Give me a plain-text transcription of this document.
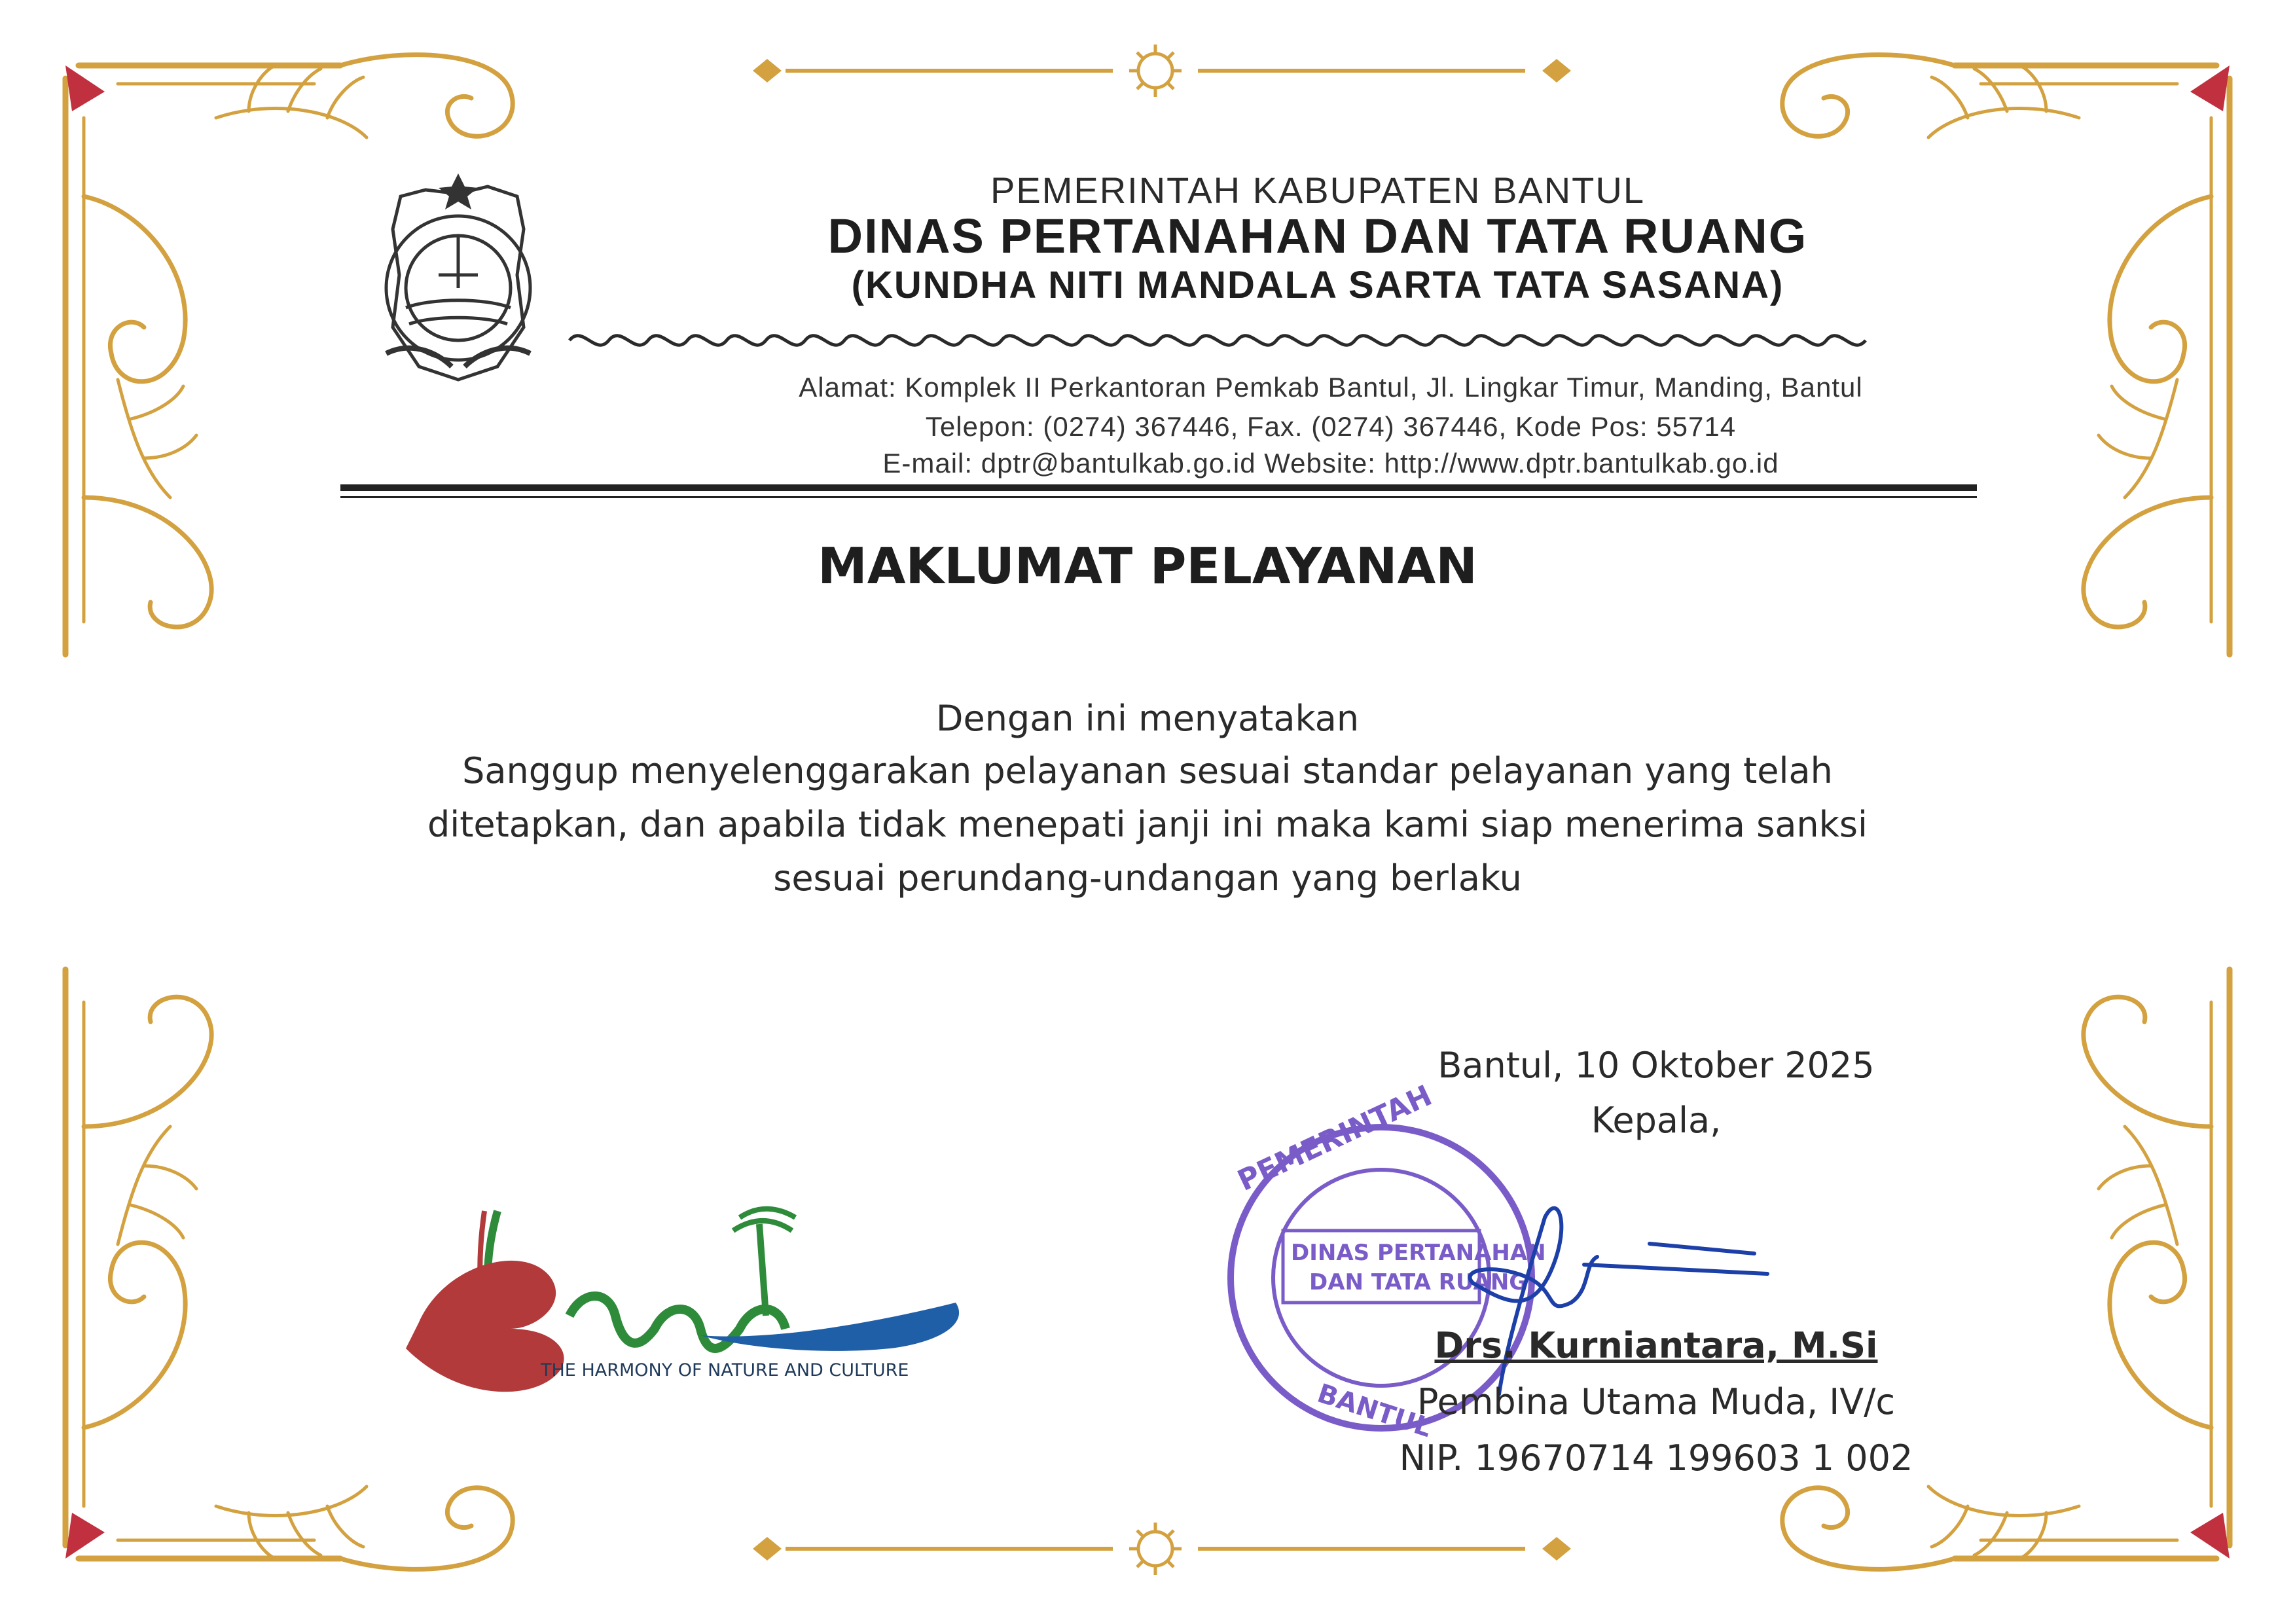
PEMERINTAH
DINAS PERTANAHAN
DAN TATA RUANG
BANTUL
PEMERINTAH KABUPATEN BANTUL
DINAS PERTANAHAN DAN TATA RUANG
(KUNDHA NITI MANDALA SARTA TATA SASANA)
Alamat: Komplek II Perkantoran Pemkab Bantul, Jl. Lingkar Timur, Manding, Bantul
Telepon: (0274) 367446, Fax. (0274) 367446, Kode Pos: 55714
E-mail: dptr@bantulkab.go.id Website: http://www.dptr.bantulkab.go.id
MAKLUMAT PELAYANAN
Dengan ini menyatakan
Sanggup menyelenggarakan pelayanan sesuai standar pelayanan yang telah
ditetapkan, dan apabila tidak menepati janji ini maka kami siap menerima sanksi
sesuai perundang-undangan yang berlaku
Bantul, 10 Oktober 2025
Kepala,
Drs. Kurniantara, M.Si
Pembina Utama Muda, IV/c
NIP. 19670714 199603 1 002
THE HARMONY OF NATURE AND CULTURE
